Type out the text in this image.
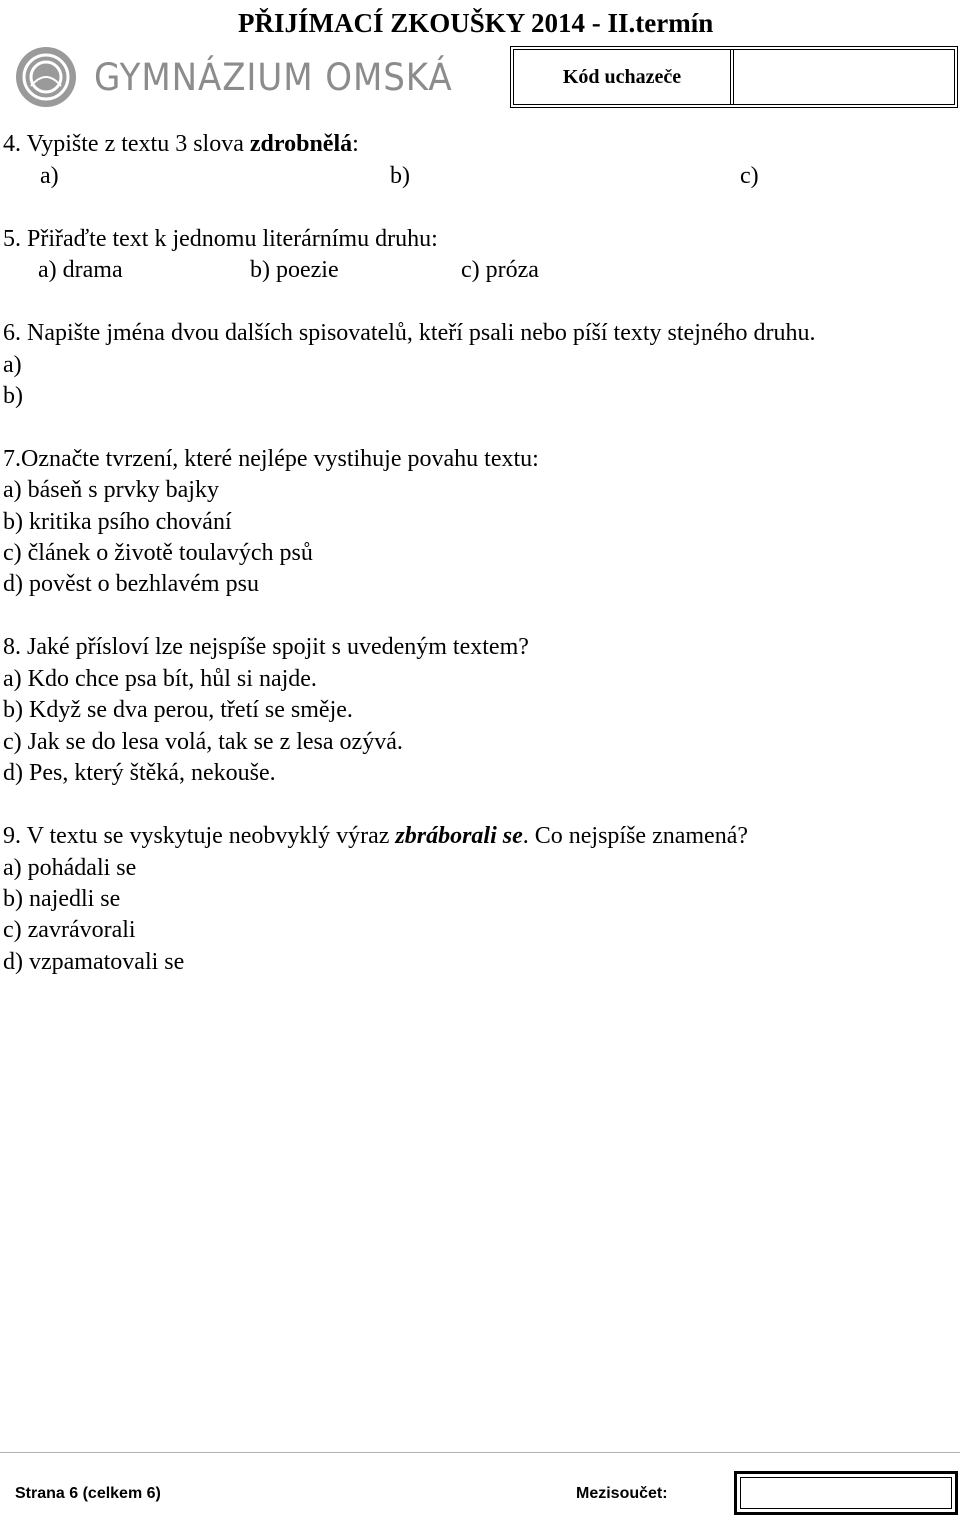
PŘIJÍMACÍ ZKOUŠKY 2014 - II.termín
GYMNÁZIUM OMSKÁ	Kód uchazeče
4. Vypište z textu 3 slova zdrobnělá:
a)	b)	c)
5. Přiřaďte text k jednomu literárnímu druhu:
a) drama	b) poezie	c) próza
6. Napište jména dvou dalších spisovatelů, kteří psali nebo píší texty stejného druhu.
a)
b)
7.Označte tvrzení, které nejlépe vystihuje povahu textu:
a) báseň s prvky bajky
b) kritika psího chování
c) článek o životě toulavých psů
d) pověst o bezhlavém psu
8. Jaké přísloví lze nejspíše spojit s uvedeným textem?
a) Kdo chce psa bít, hůl si najde.
b) Když se dva perou, třetí se směje.
c) Jak se do lesa volá, tak se z lesa ozývá.
d) Pes, který štěká, nekouše.
9. V textu se vyskytuje neobvyklý výraz zbráborali se. Co nejspíše znamená?
a) pohádali se
b) najedli se
c) zavrávorali
d) vzpamatovali se
Strana 6 (celkem 6)	Mezisoučet:
